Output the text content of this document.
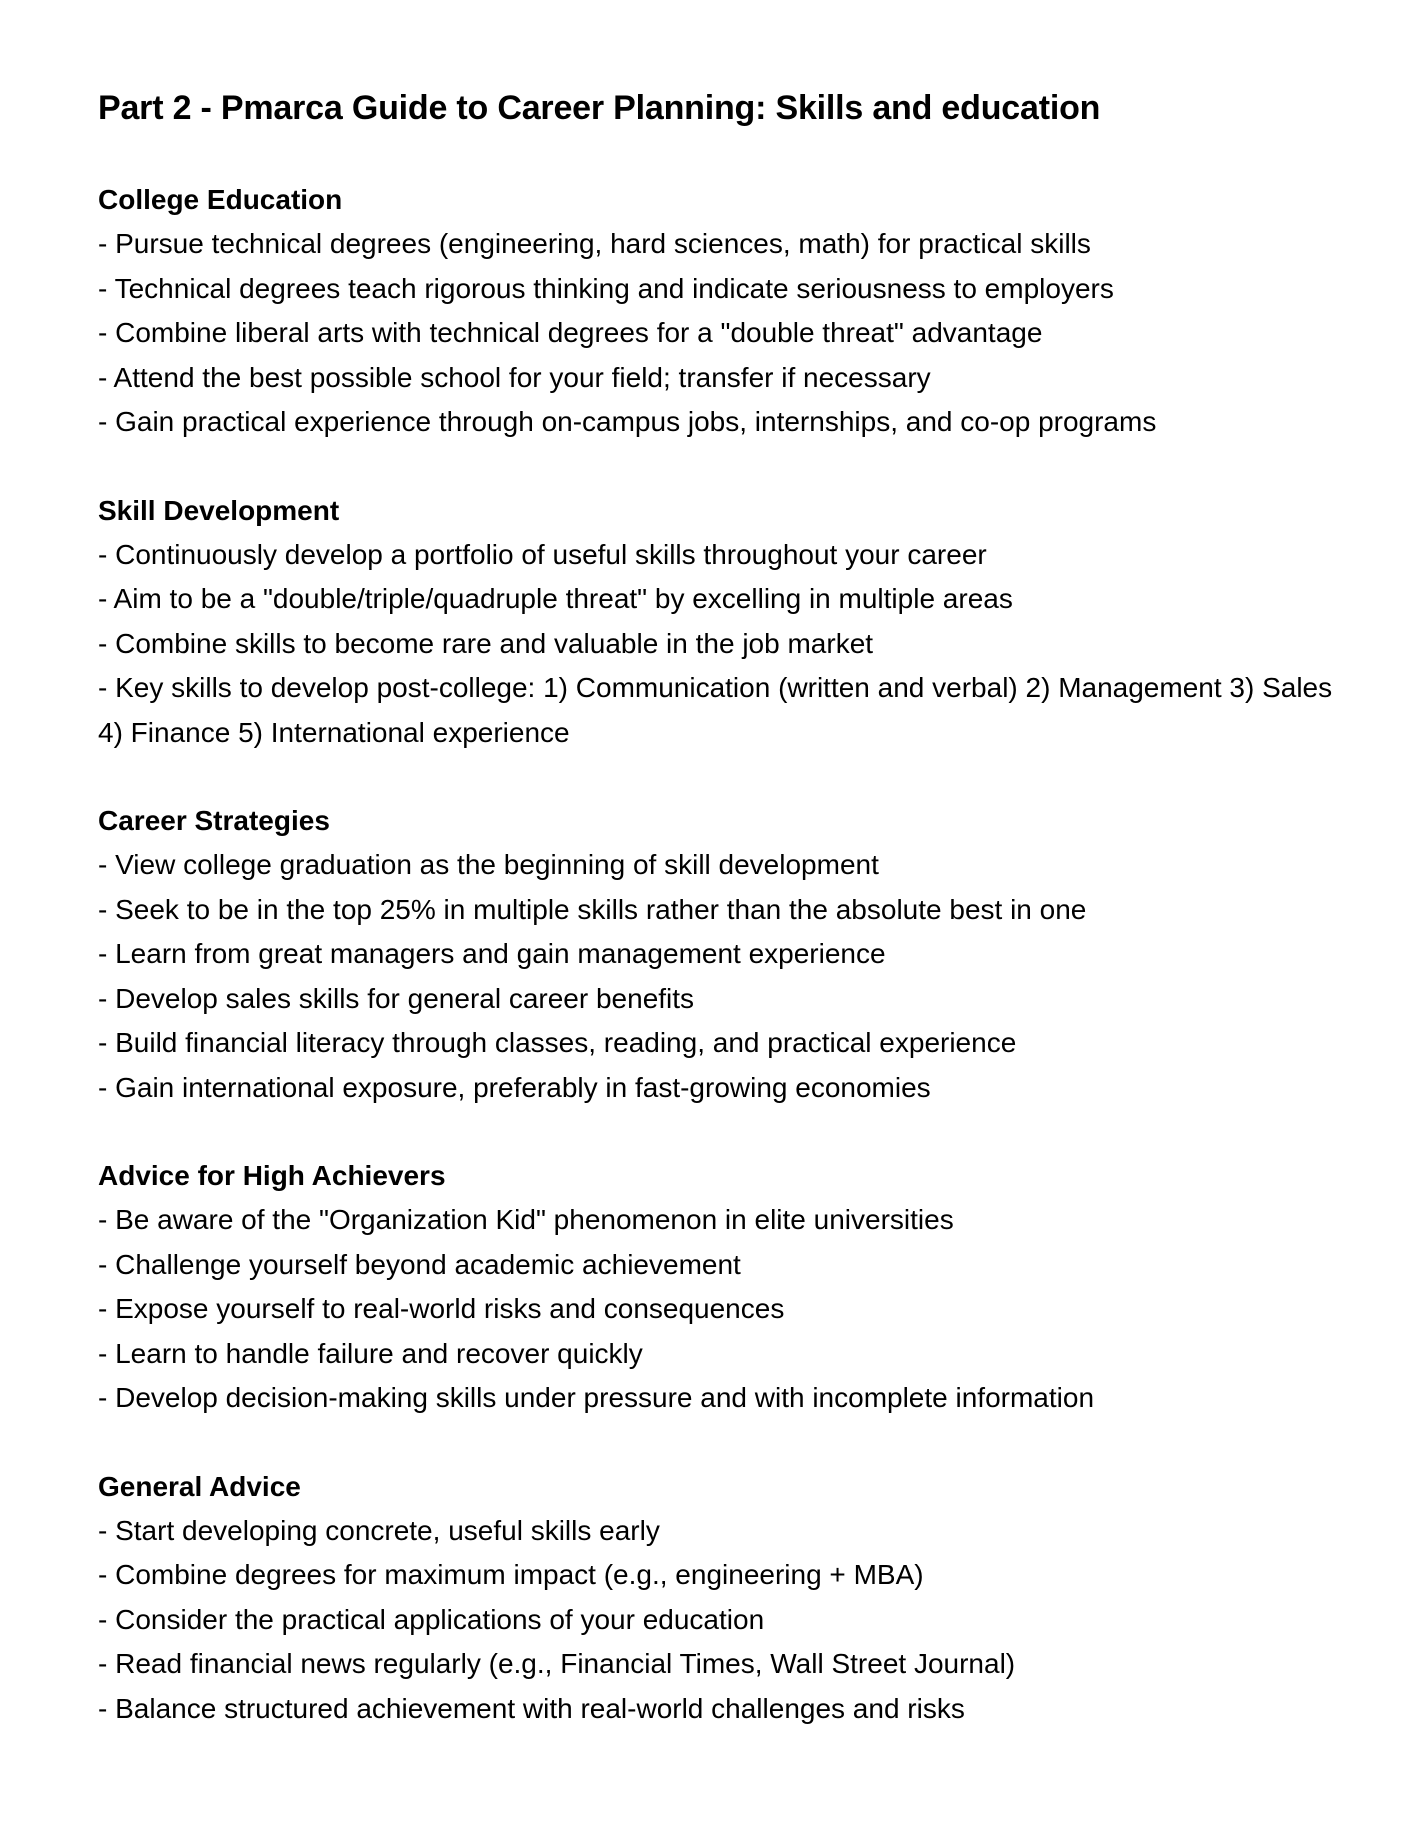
Part 2 - Pmarca Guide to Career Planning: Skills and education
College Education
- Pursue technical degrees (engineering, hard sciences, math) for practical skills
- Technical degrees teach rigorous thinking and indicate seriousness to employers
- Combine liberal arts with technical degrees for a "double threat" advantage
- Attend the best possible school for your field; transfer if necessary
- Gain practical experience through on-campus jobs, internships, and co-op programs
Skill Development
- Continuously develop a portfolio of useful skills throughout your career
- Aim to be a "double/triple/quadruple threat" by excelling in multiple areas
- Combine skills to become rare and valuable in the job market
- Key skills to develop post-college: 1) Communication (written and verbal) 2) Management 3) Sales 4) Finance 5) International experience
Career Strategies
- View college graduation as the beginning of skill development
- Seek to be in the top 25% in multiple skills rather than the absolute best in one
- Learn from great managers and gain management experience
- Develop sales skills for general career benefits
- Build financial literacy through classes, reading, and practical experience
- Gain international exposure, preferably in fast-growing economies
Advice for High Achievers
- Be aware of the "Organization Kid" phenomenon in elite universities
- Challenge yourself beyond academic achievement
- Expose yourself to real-world risks and consequences
- Learn to handle failure and recover quickly
- Develop decision-making skills under pressure and with incomplete information
General Advice
- Start developing concrete, useful skills early
- Combine degrees for maximum impact (e.g., engineering + MBA)
- Consider the practical applications of your education
- Read financial news regularly (e.g., Financial Times, Wall Street Journal)
- Balance structured achievement with real-world challenges and risks
